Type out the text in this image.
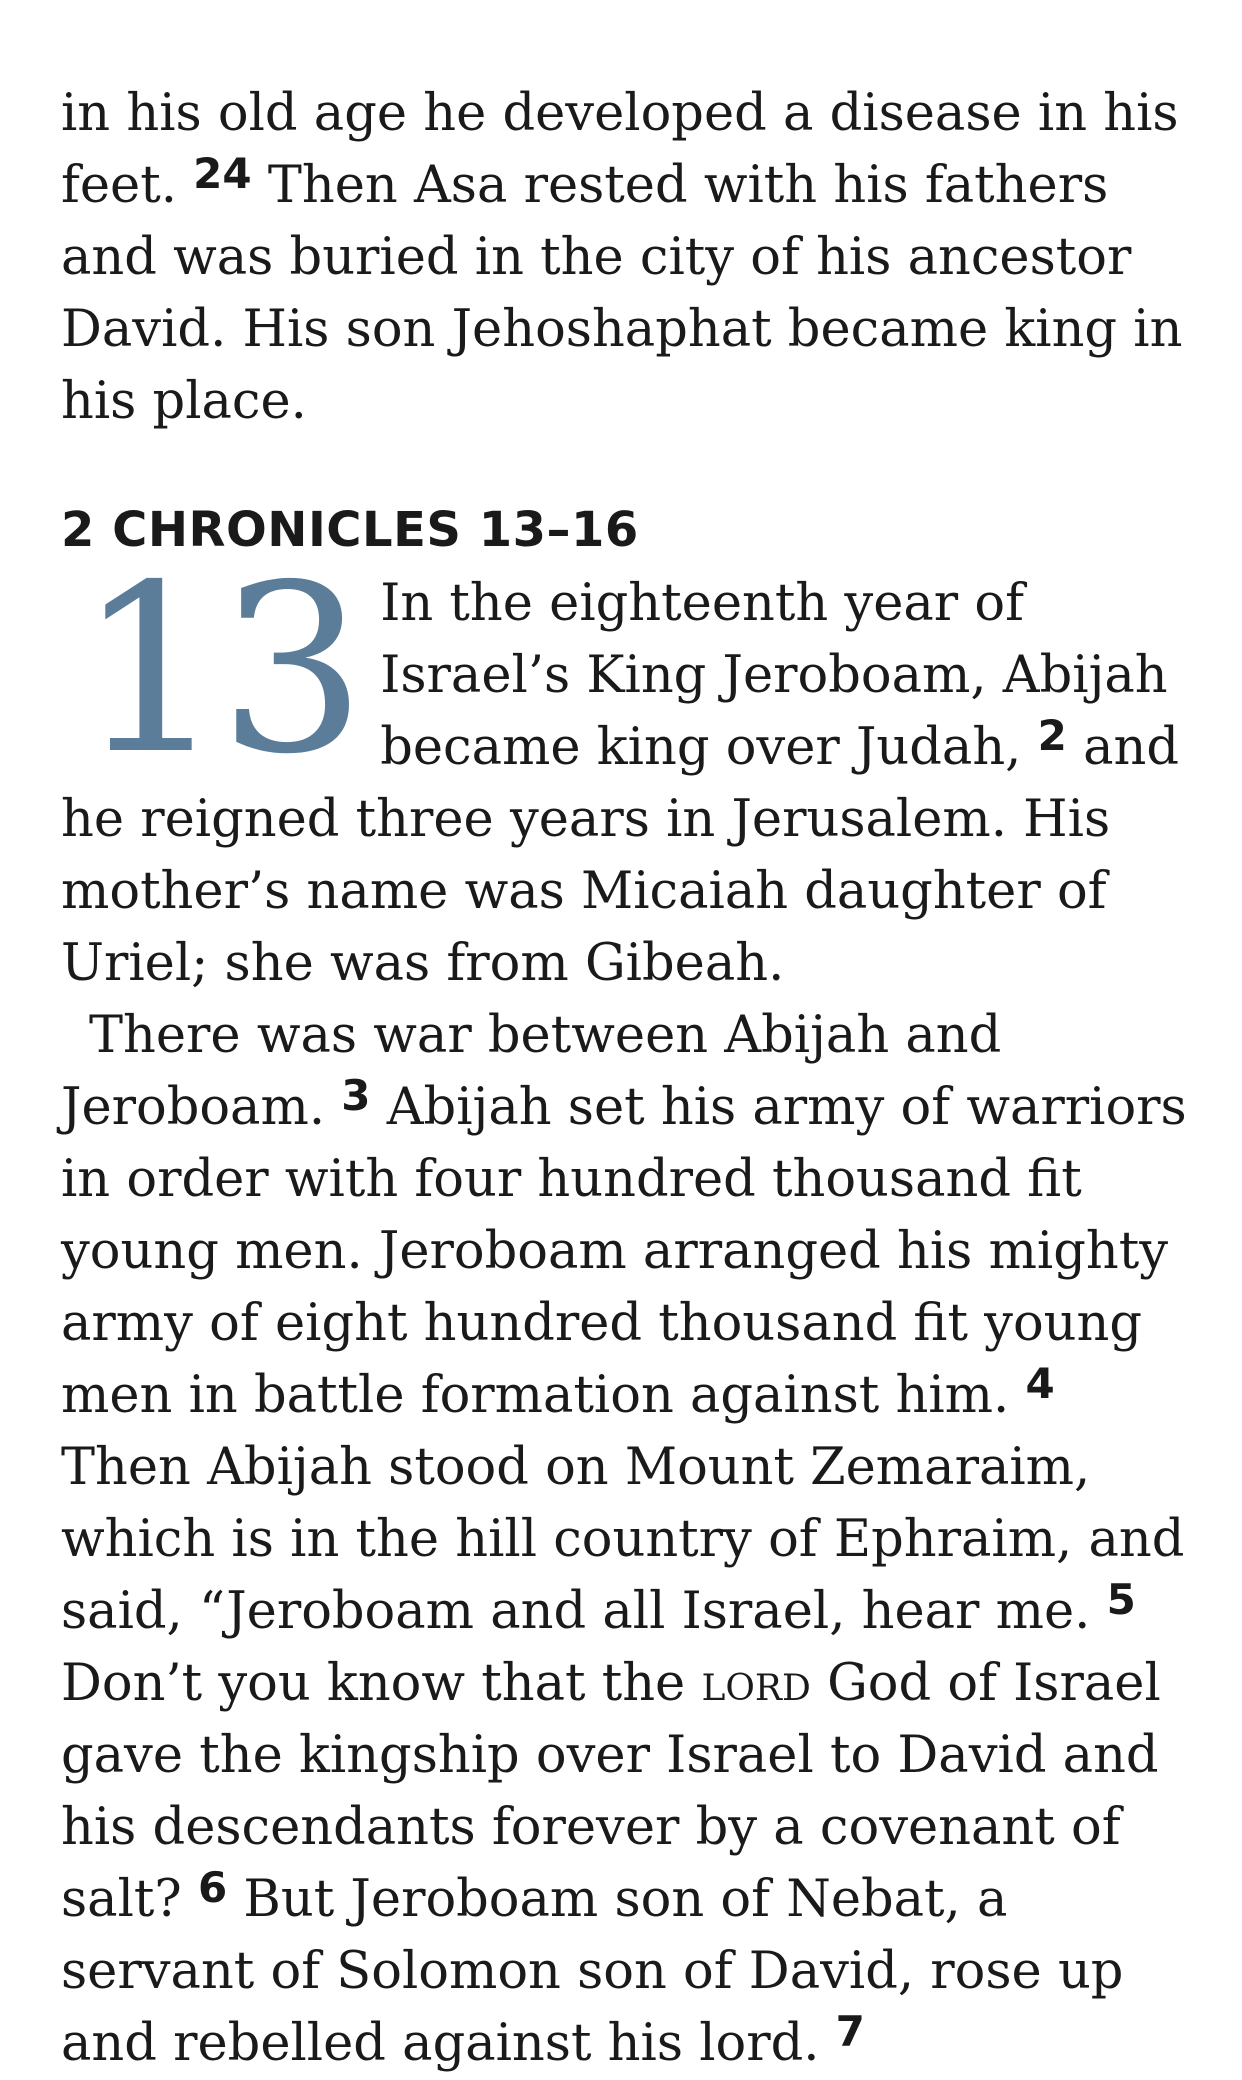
in his old age he developed a disease in his feet. $^{24}$ Then Asa rested with his fathers and was buried in the city of his ancestor David. His son Jehoshaphat became king in his place.

2 CHRONICLES 13–16
13 In the eighteenth year of Israel’s King Jeroboam, Abijah became king over Judah, $^2$ and he reigned three years in Jerusalem. His mother’s name was Micaiah daughter of Uriel; she was from Gibeah.

There was war between Abijah and Jeroboam. $^3$ Abijah set his army of warriors in order with four hundred thousand fit young men. Jeroboam arranged his mighty army of eight hundred thousand fit young men in battle formation against him. $^4$ Then Abijah stood on Mount Zemaraim, which is in the hill country of Ephraim, and said, “Jeroboam and all Israel, hear me. $^5$ Don’t you know that the lord God of Israel gave the kingship over Israel to David and his descendants forever by a covenant of salt? $^6$ But Jeroboam son of Nebat, a servant of Solomon son of David, rose up and rebelled against his lord. $^7$
